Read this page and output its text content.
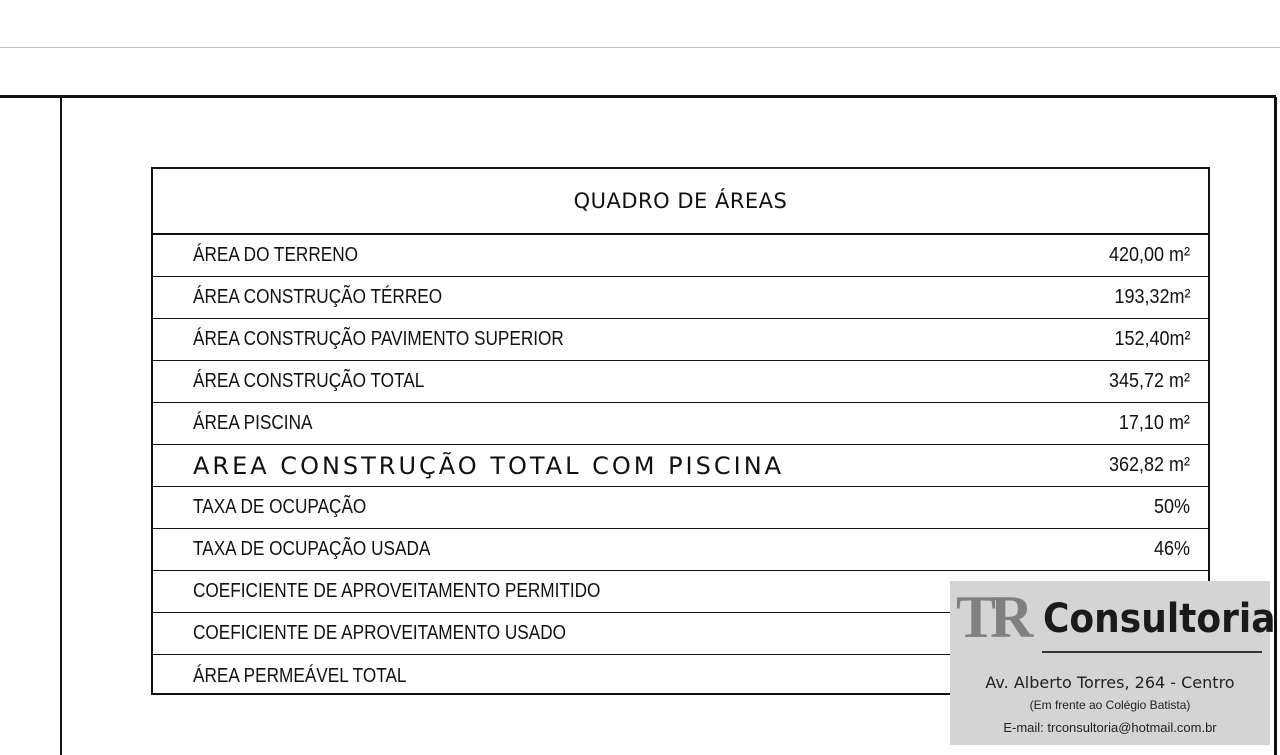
QUADRO DE ÁREAS
ÁREA DO TERRENO	420,00 m²
ÁREA CONSTRUÇÃO TÉRREO	193,32m²
ÁREA CONSTRUÇÃO PAVIMENTO SUPERIOR	152,40m²
ÁREA CONSTRUÇÃO TOTAL	345,72 m²
ÁREA PISCINA	17,10 m²
AREA CONSTRUÇÃO TOTAL COM PISCINA	362,82 m²
TAXA DE OCUPAÇÃO	50%
TAXA DE OCUPAÇÃO USADA	46%
COEFICIENTE DE APROVEITAMENTO PERMITIDO
COEFICIENTE DE APROVEITAMENTO USADO
ÁREA PERMEÁVEL TOTAL
TR Consultoria
Av. Alberto Torres, 264 - Centro
(Em frente ao Colégio Batista)
E-mail: trconsultoria@hotmail.com.br
